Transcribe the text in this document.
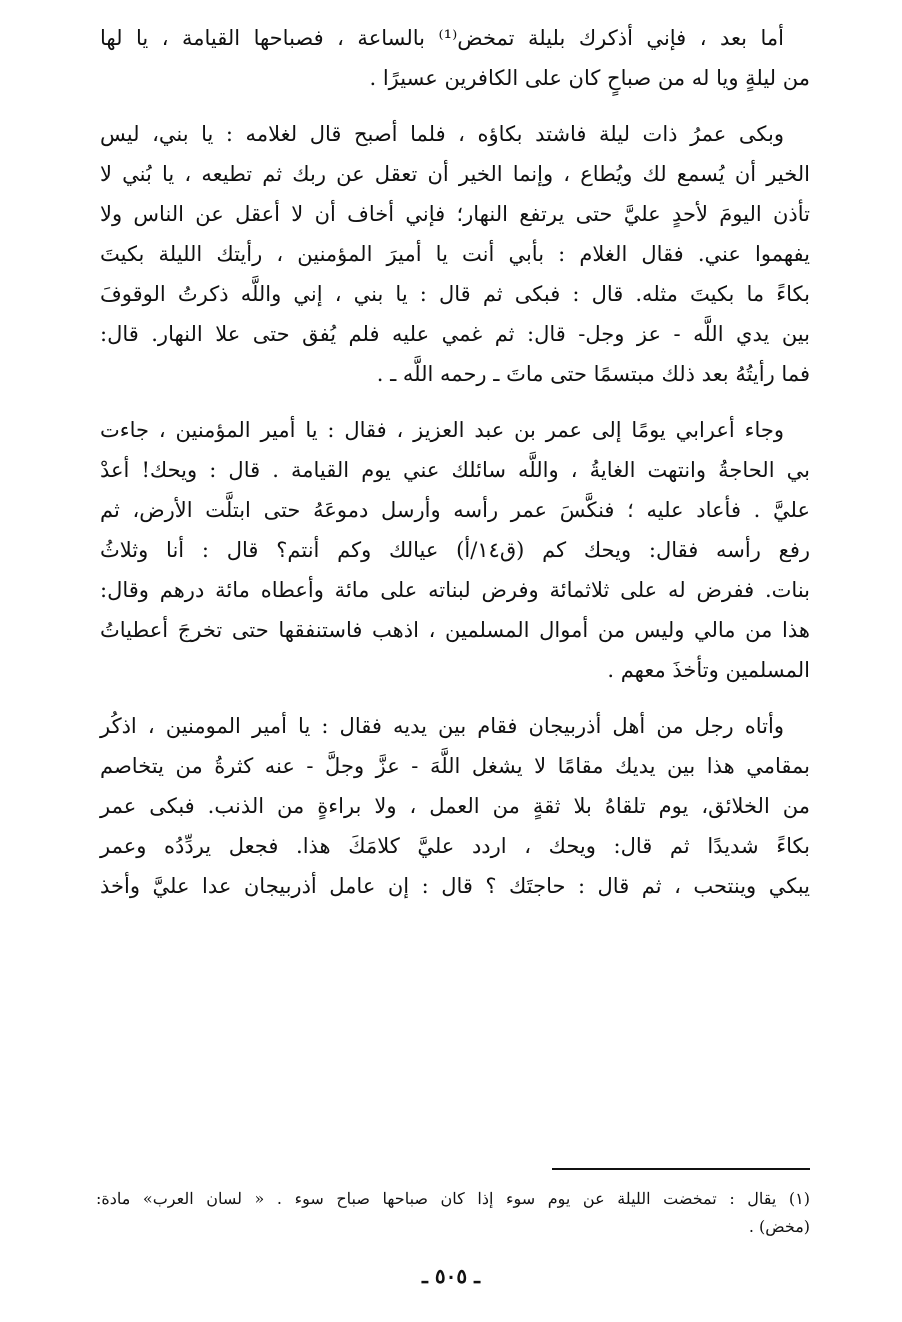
أما بعد ، فإني أذكرك بليلة تمخض⁽¹⁾ بالساعة ، فصباحها القيامة ، يا لها
من ليلةٍ ويا له من صباحٍ كان على الكافرين عسيرًا .
وبكى عمرُ ذات ليلة فاشتد بكاؤه ، فلما أصبح قال لغلامه : يا بني، ليس
الخير أن يُسمع لك ويُطاع ، وإنما الخير أن تعقل عن ربك ثم تطيعه ، يا بُني لا
تأذن اليومَ لأحدٍ عليَّ حتى يرتفع النهار؛ فإني أخاف أن لا أعقل عن الناس ولا
يفهموا عني. فقال الغلام : بأبي أنت يا أميرَ المؤمنين ، رأيتك الليلة بكيتَ
بكاءً ما بكيتَ مثله. قال : فبكى ثم قال : يا بني ، إني واللَّه ذكرتُ الوقوفَ
بين يدي اللَّه - عز وجل- قال: ثم غمي عليه فلم يُفق حتى علا النهار. قال:
فما رأيتُهُ بعد ذلك مبتسمًا حتى ماتَ ـ رحمه اللَّه ـ .
وجاء أعرابي يومًا إلى عمر بن عبد العزيز ، فقال : يا أمير المؤمنين ، جاءت
بي الحاجةُ وانتهت الغايةُ ، واللَّه سائلك عني يوم القيامة . قال : ويحك! أعدْ
عليَّ . فأعاد عليه ؛ فنكَّسَ عمر رأسه وأرسل دموعَهُ حتى ابتلَّت الأرض، ثم
رفع رأسه فقال: ويحك كم (ق١٤/أ) عيالك وكم أنتم؟ قال : أنا وثلاثُ
بنات. ففرض له على ثلاثمائة وفرض لبناته على مائة وأعطاه مائة درهم وقال:
هذا من مالي وليس من أموال المسلمين ، اذهب فاستنفقها حتى تخرجَ أعطياتُ
المسلمين وتأخذَ معهم .
وأتاه رجل من أهل أذربيجان فقام بين يديه فقال : يا أمير المومنين ، اذكُر
بمقامي هذا بين يديك مقامًا لا يشغل اللَّهَ - عزَّ وجلَّ - عنه كثرةُ من يتخاصم
من الخلائق، يوم تلقاهُ بلا ثقةٍ من العمل ، ولا براءةٍ من الذنب. فبكى عمر
بكاءً شديدًا ثم قال: ويحك ، اردد عليَّ كلامَكَ هذا. فجعل يردِّدُه وعمر
يبكي وينتحب ، ثم قال : حاجتَك ؟ قال : إن عامل أذربيجان عدا عليَّ وأخذ
(١) يقال : تمخضت الليلة عن يوم سوء إذا كان صباحها صباح سوء . « لسان العرب» مادة:
(مخض) .
ـ ٥٠٥ ـ
